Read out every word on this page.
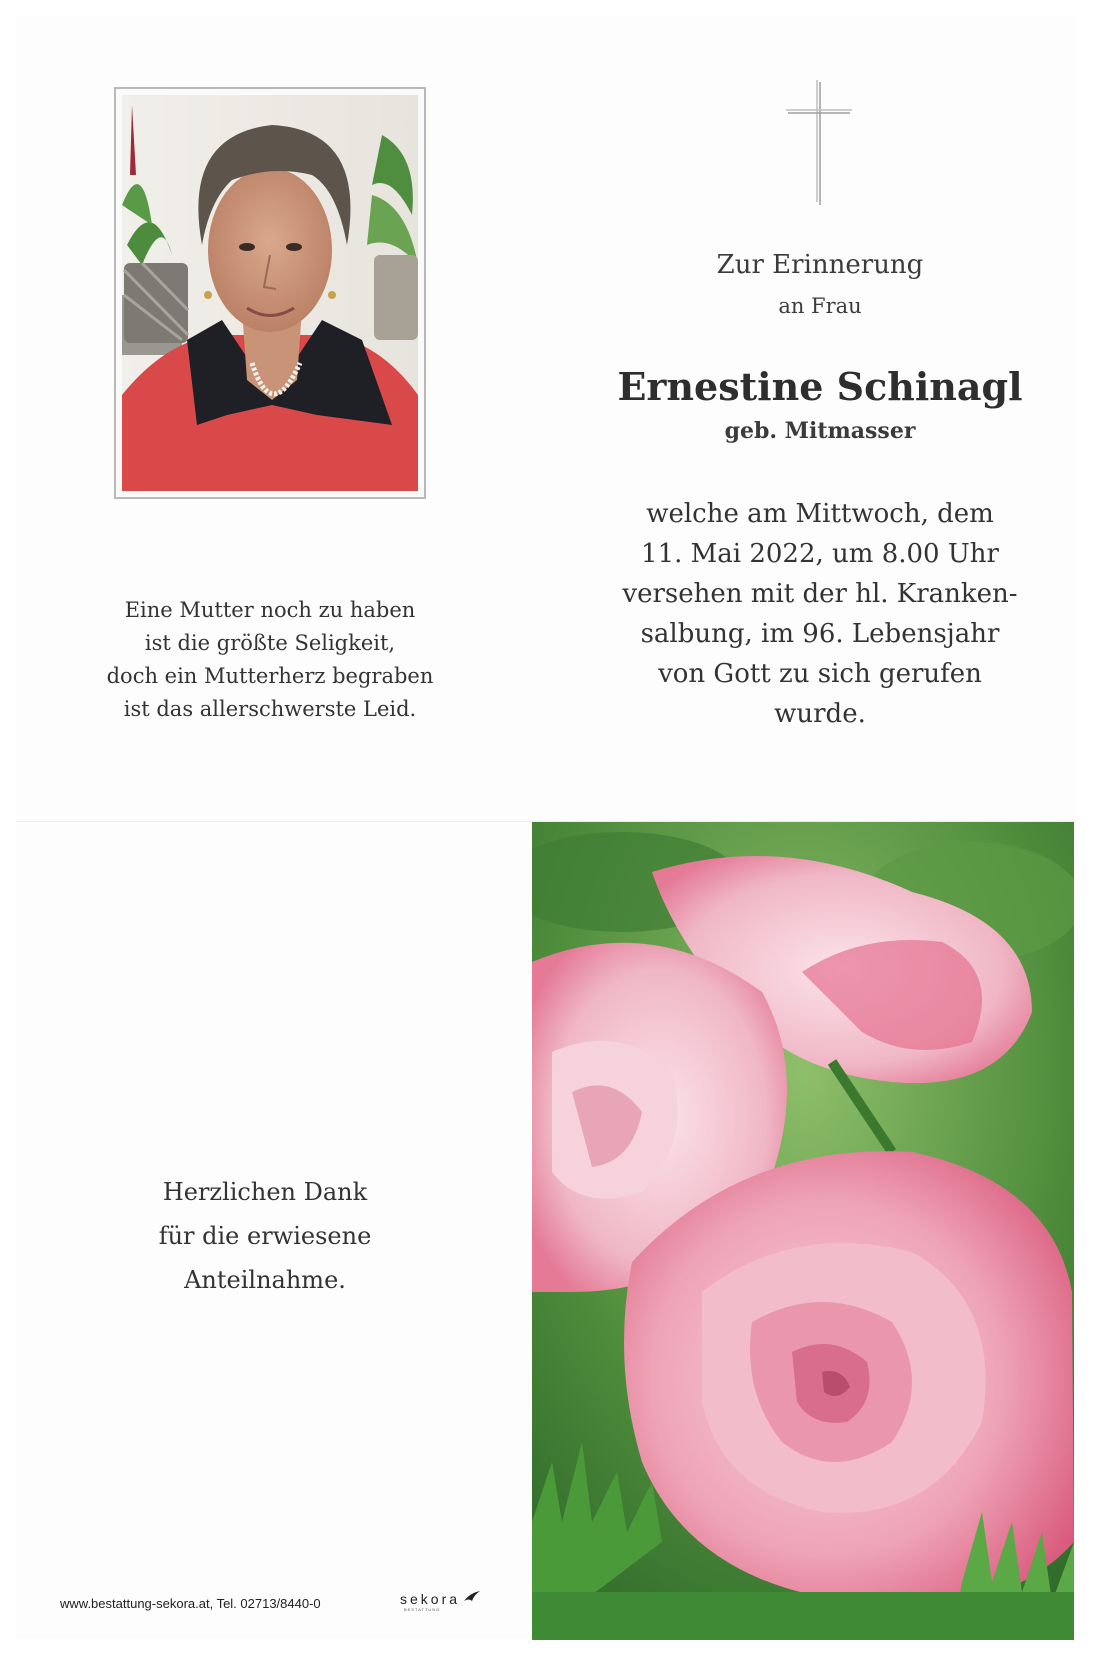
Zur Erinnerung
an Frau
Ernestine Schinagl
geb. Mitmasser
welche am Mittwoch, dem
11. Mai 2022, um 8.00 Uhr
versehen mit der hl. Kranken-
salbung, im 96. Lebensjahr
von Gott zu sich gerufen
wurde.
Eine Mutter noch zu haben
ist die größte Seligkeit,
doch ein Mutterherz begraben
ist das allerschwerste Leid.
Herzlichen Dank
für die erwiesene
Anteilnahme.
www.bestattung-sekora.at, Tel. 02713/8440-0	sekora
BESTATTUNG
